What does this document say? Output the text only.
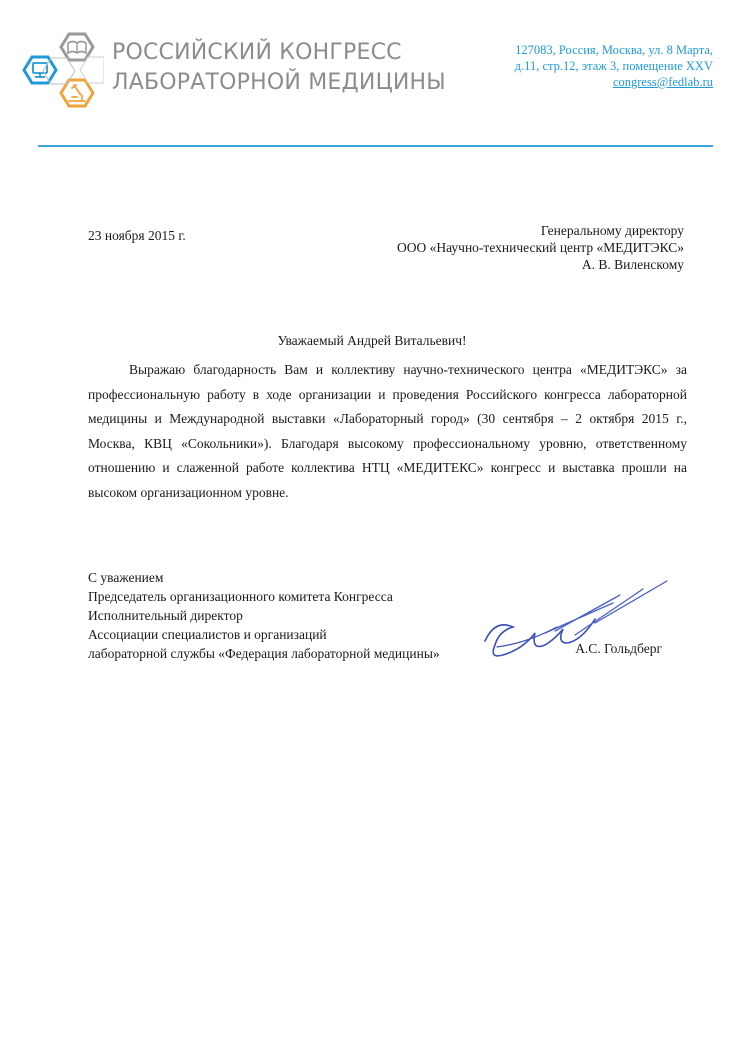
РОССИЙСКИЙ КОНГРЕСС
ЛАБОРАТОРНОЙ МЕДИЦИНЫ
127083, Россия, Москва, ул. 8 Марта,
д.11, стр.12, этаж 3, помещение XXV
congress@fedlab.ru
23 ноября 2015 г.	Генеральному директору
ООО «Научно-технический центр «МЕДИТЭКС»
А. В. Виленскому
Уважаемый Андрей Витальевич!

Выражаю благодарность Вам и коллективу научно-технического центра «МЕДИТЭКС» за профессиональную работу в ходе организации и проведения Российского конгресса лабораторной медицины и Международной выставки «Лабораторный город» (30 сентября – 2 октября 2015 г., Москва, КВЦ «Сокольники»). Благодаря высокому профессиональному уровню, ответственному отношению и слаженной работе коллектива НТЦ «МЕДИТЕКС» конгресс и выставка прошли на высоком организационном уровне.

С уважением
Председатель организационного комитета Конгресса
Исполнительный директор
Ассоциации специалистов и организаций
лабораторной службы «Федерация лабораторной медицины»	А.С. Гольдберг
